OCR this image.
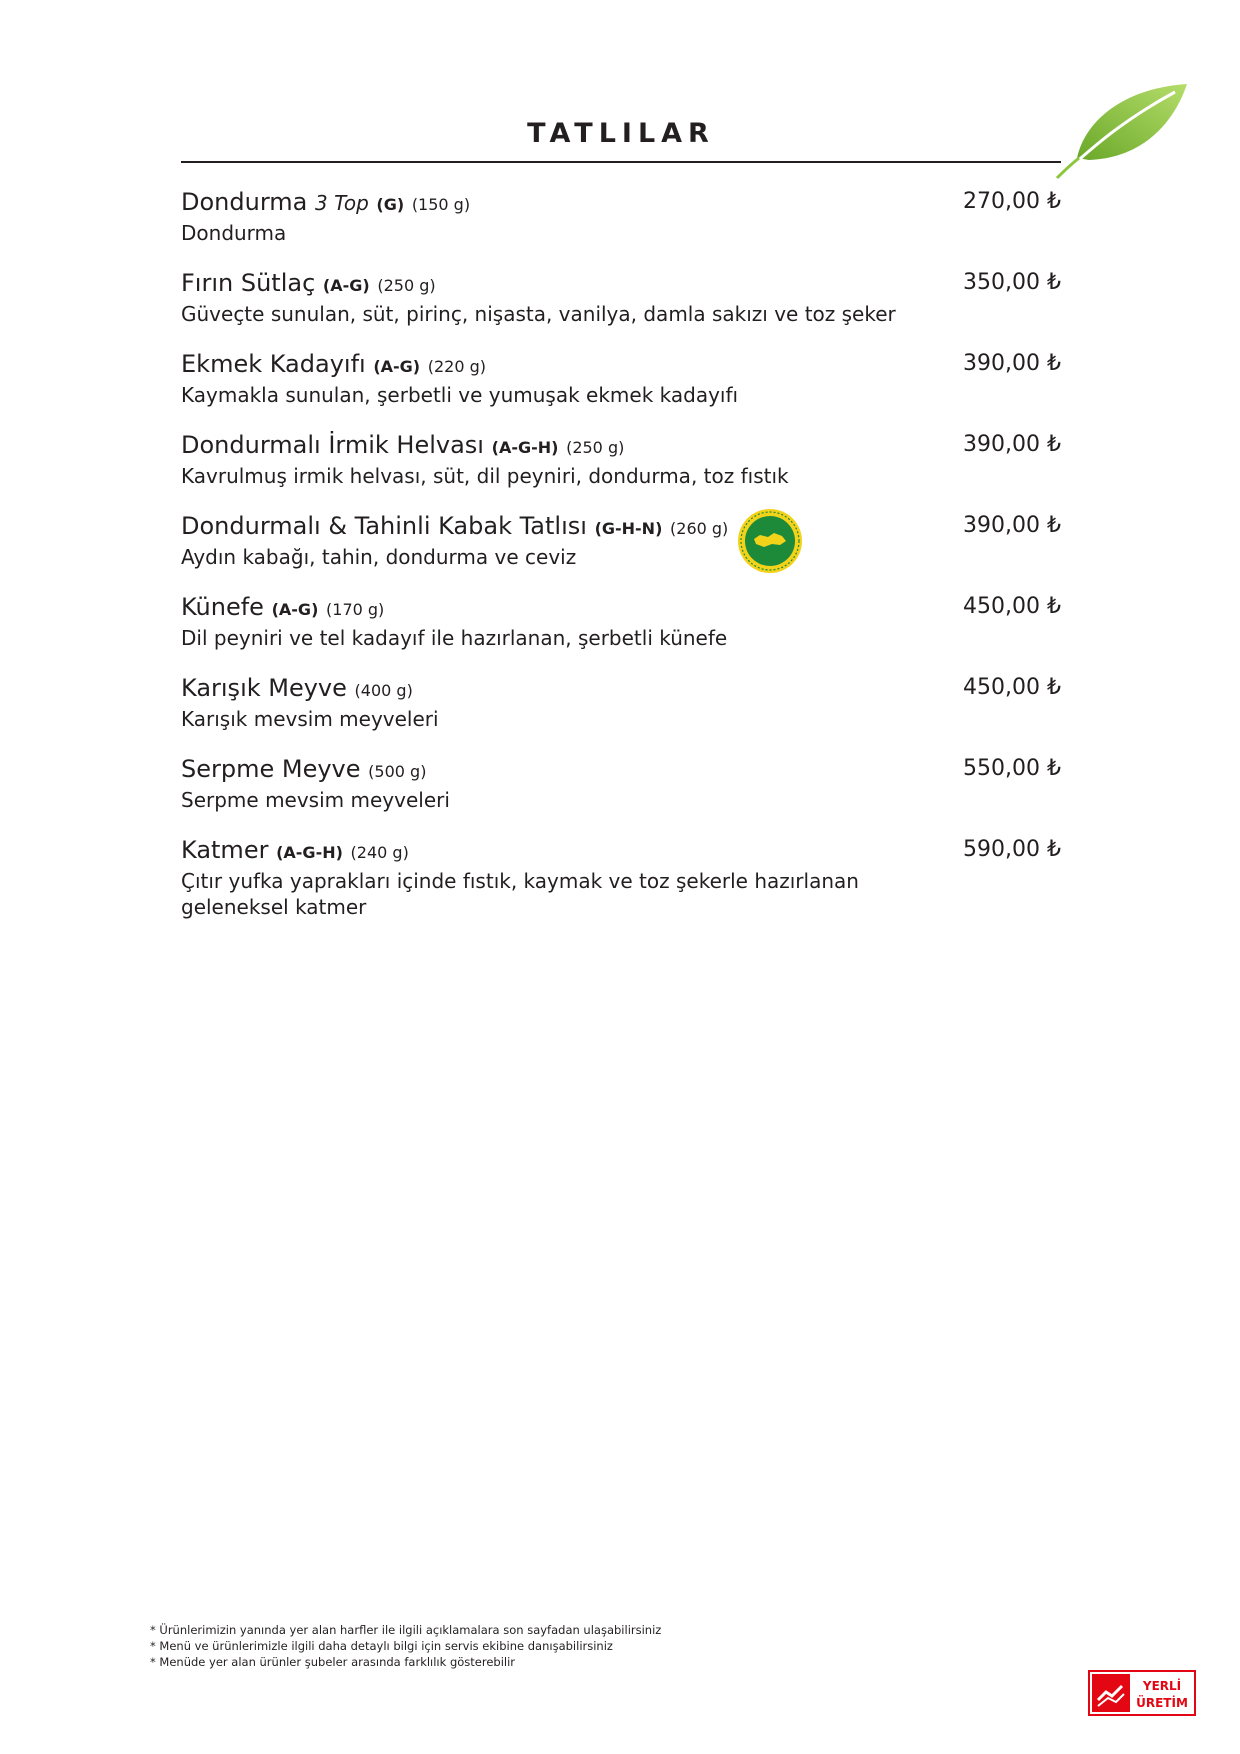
TATLILAR
Dondurma 3 Top (G) (150 g)
Dondurma
270,00 ₺
Fırın Sütlaç (A-G) (250 g)
Güveçte sunulan, süt, pirinç, nişasta, vanilya, damla sakızı ve toz şeker
350,00 ₺
Ekmek Kadayıfı (A-G) (220 g)
Kaymakla sunulan, şerbetli ve yumuşak ekmek kadayıfı
390,00 ₺
Dondurmalı İrmik Helvası (A-G-H) (250 g)
Kavrulmuş irmik helvası, süt, dil peyniri, dondurma, toz fıstık
390,00 ₺
Dondurmalı & Tahinli Kabak Tatlısı (G-H-N) (260 g)
Aydın kabağı, tahin, dondurma ve ceviz
390,00 ₺
Künefe (A-G) (170 g)
Dil peyniri ve tel kadayıf ile hazırlanan, şerbetli künefe
450,00 ₺
Karışık Meyve (400 g)
Karışık mevsim meyveleri
450,00 ₺
Serpme Meyve (500 g)
Serpme mevsim meyveleri
550,00 ₺
Katmer (A-G-H) (240 g)
Çıtır yufka yaprakları içinde fıstık, kaymak ve toz şekerle hazırlanan geleneksel katmer
590,00 ₺
* Ürünlerimizin yanında yer alan harfler ile ilgili açıklamalara son sayfadan ulaşabilirsiniz
* Menü ve ürünlerimizle ilgili daha detaylı bilgi için servis ekibine danışabilirsiniz
* Menüde yer alan ürünler şubeler arasında farklılık gösterebilir
YERLİ
ÜRETİM
